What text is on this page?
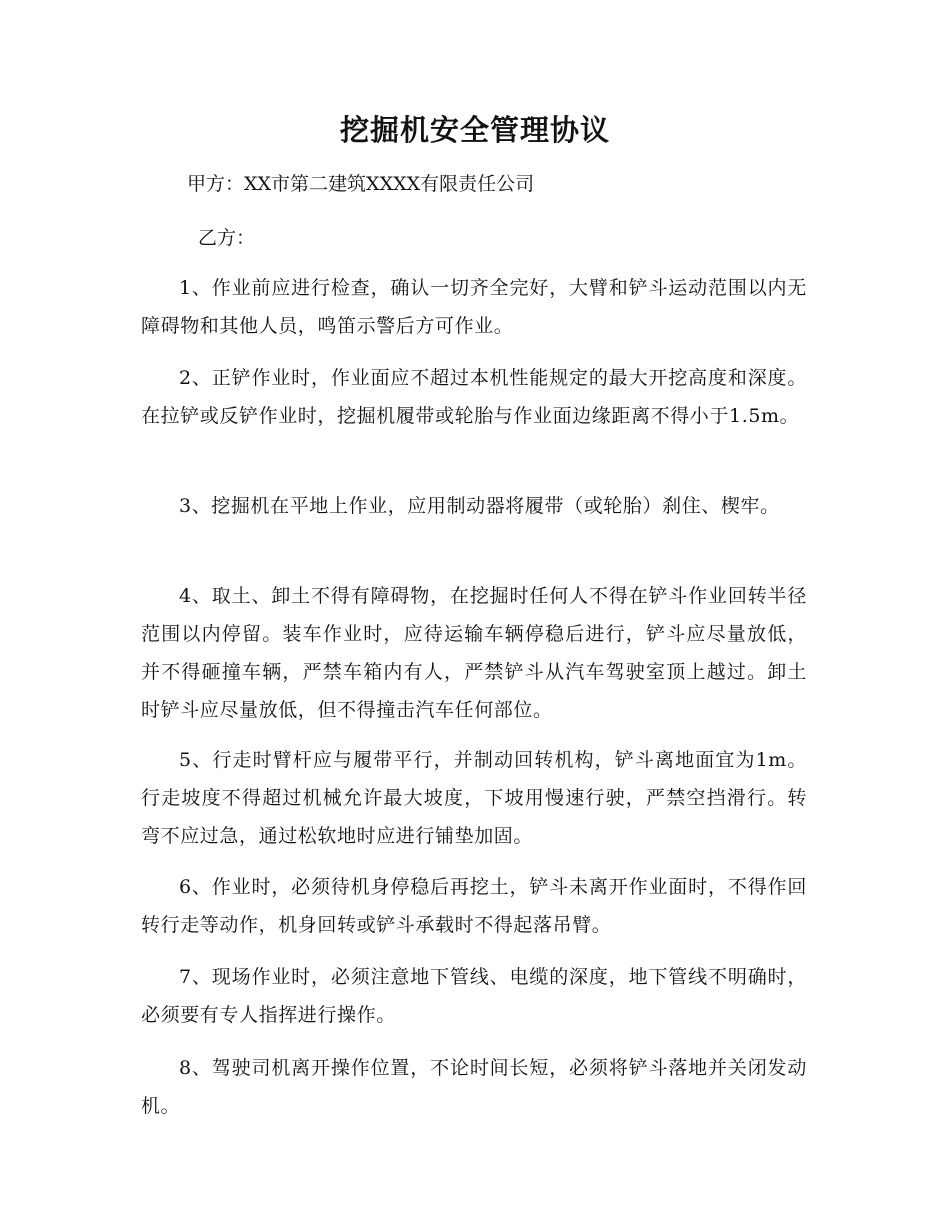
挖掘机安全管理协议

甲方：XX市第二建筑XXXX有限责任公司

乙方：

1、作业前应进行检查，确认一切齐全完好，大臂和铲斗运动范围以内无障碍物和其他人员，鸣笛示警后方可作业。

2、正铲作业时，作业面应不超过本机性能规定的最大开挖高度和深度。在拉铲或反铲作业时，挖掘机履带或轮胎与作业面边缘距离不得小于1.5m。

3、挖掘机在平地上作业，应用制动器将履带（或轮胎）刹住、楔牢。

4、取土、卸土不得有障碍物，在挖掘时任何人不得在铲斗作业回转半径范围以内停留。装车作业时，应待运输车辆停稳后进行，铲斗应尽量放低，并不得砸撞车辆，严禁车箱内有人，严禁铲斗从汽车驾驶室顶上越过。卸土时铲斗应尽量放低，但不得撞击汽车任何部位。

5、行走时臂杆应与履带平行，并制动回转机构，铲斗离地面宜为1m。行走坡度不得超过机械允许最大坡度，下坡用慢速行驶，严禁空挡滑行。转弯不应过急，通过松软地时应进行铺垫加固。

6、作业时，必须待机身停稳后再挖土，铲斗未离开作业面时，不得作回转行走等动作，机身回转或铲斗承载时不得起落吊臂。

7、现场作业时，必须注意地下管线、电缆的深度，地下管线不明确时，必须要有专人指挥进行操作。

8、驾驶司机离开操作位置，不论时间长短，必须将铲斗落地并关闭发动机。
